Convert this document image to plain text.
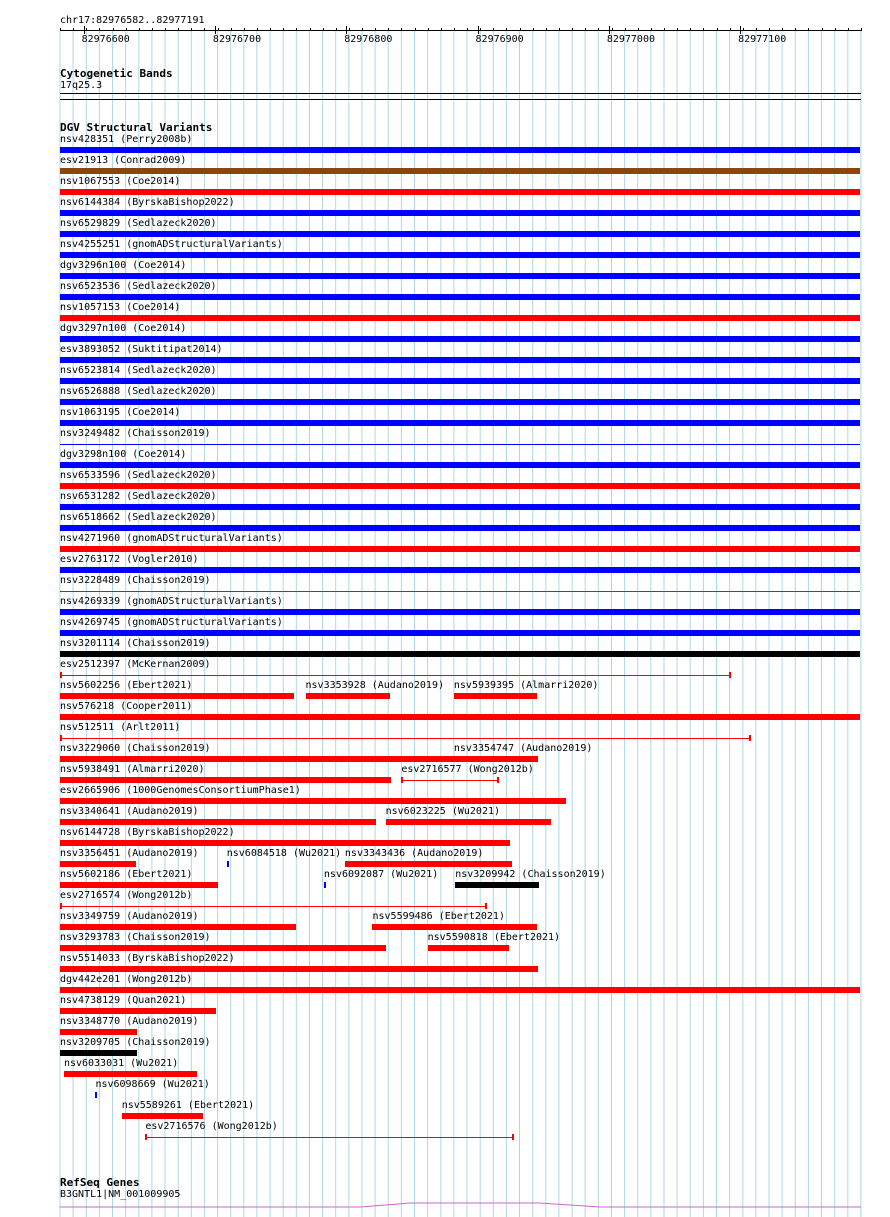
chr17:82976582..82977191
82976600	82976700	82976800	82976900	82977000	82977100
Cytogenetic Bands
17q25.3
DGV Structural Variants
nsv428351 (Perry2008b)
esv21913 (Conrad2009)
nsv1067553 (Coe2014)
nsv6144384 (ByrskaBishop2022)
nsv6529829 (Sedlazeck2020)
nsv4255251 (gnomADStructuralVariants)
dgv3296n100 (Coe2014)
nsv6523536 (Sedlazeck2020)
nsv1057153 (Coe2014)
dgv3297n100 (Coe2014)
esv3893052 (Suktitipat2014)
nsv6523814 (Sedlazeck2020)
nsv6526888 (Sedlazeck2020)
nsv1063195 (Coe2014)
nsv3249482 (Chaisson2019)
dgv3298n100 (Coe2014)
nsv6533596 (Sedlazeck2020)
nsv6531282 (Sedlazeck2020)
nsv6518662 (Sedlazeck2020)
nsv4271960 (gnomADStructuralVariants)
esv2763172 (Vogler2010)
nsv3228489 (Chaisson2019)
nsv4269339 (gnomADStructuralVariants)
nsv4269745 (gnomADStructuralVariants)
nsv3201114 (Chaisson2019)
esv2512397 (McKernan2009)
nsv5602256 (Ebert2021)	nsv3353928 (Audano2019) nsv5939395 (Almarri2020)
nsv576218 (Cooper2011)
nsv512511 (Arlt2011)
nsv3229060 (Chaisson2019)	nsv3354747 (Audano2019)
nsv5938491 (Almarri2020)	esv2716577 (Wong2012b)
esv2665906 (1000GenomesConsortiumPhase1)
nsv3340641 (Audano2019)	nsv6023225 (Wu2021)
nsv6144728 (ByrskaBishop2022)
nsv3356451 (Audano2019)	nsv6084518 (Wu2021) nsv3343436 (Audano2019)
nsv5602186 (Ebert2021)	nsv6092087 (Wu2021) nsv3209942 (Chaisson2019)
esv2716574 (Wong2012b)
nsv3349759 (Audano2019)	nsv5599486 (Ebert2021)
nsv3293783 (Chaisson2019)	nsv5590818 (Ebert2021)
nsv5514033 (ByrskaBishop2022)
dgv442e201 (Wong2012b)
nsv4738129 (Quan2021)
nsv3348770 (Audano2019)
nsv3209705 (Chaisson2019)
nsv6033031 (Wu2021)
nsv6098669 (Wu2021)
nsv5589261 (Ebert2021)
esv2716576 (Wong2012b)
RefSeq Genes
B3GNTL1|NM_001009905
